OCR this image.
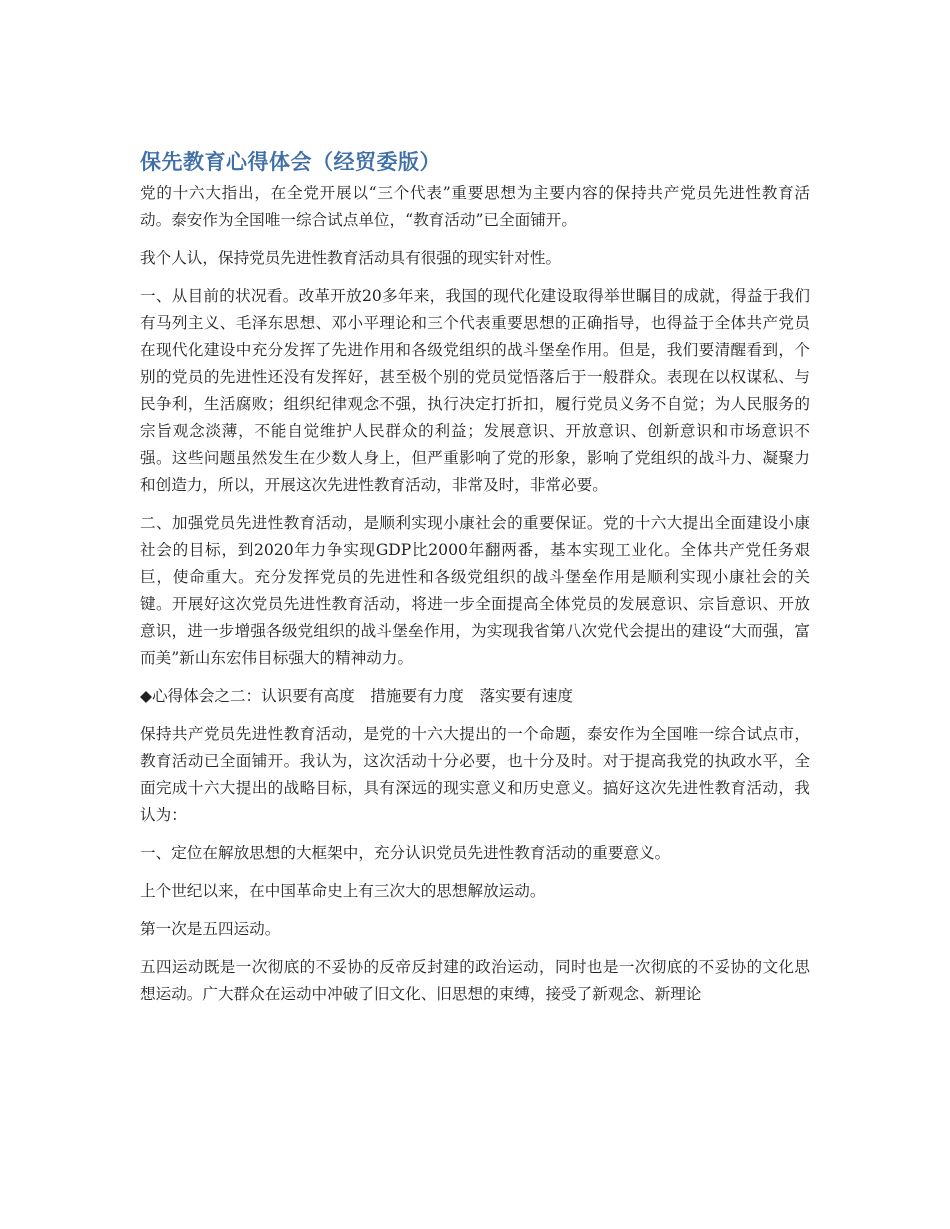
保先教育心得体会（经贸委版）

党的十六大指出，在全党开展以“三个代表”重要思想为主要内容的保持共产党员先进性教育活动。泰安作为全国唯一综合试点单位，“教育活动”已全面铺开。

我个人认，保持党员先进性教育活动具有很强的现实针对性。

一、从目前的状况看。改革开放20多年来，我国的现代化建设取得举世瞩目的成就，得益于我们有马列主义、毛泽东思想、邓小平理论和三个代表重要思想的正确指导，也得益于全体共产党员在现代化建设中充分发挥了先进作用和各级党组织的战斗堡垒作用。但是，我们要清醒看到，个别的党员的先进性还没有发挥好，甚至极个别的党员觉悟落后于一般群众。表现在以权谋私、与民争利，生活腐败；组织纪律观念不强，执行决定打折扣，履行党员义务不自觉；为人民服务的宗旨观念淡薄，不能自觉维护人民群众的利益；发展意识、开放意识、创新意识和市场意识不强。这些问题虽然发生在少数人身上，但严重影响了党的形象，影响了党组织的战斗力、凝聚力和创造力，所以，开展这次先进性教育活动，非常及时，非常必要。

二、加强党员先进性教育活动，是顺利实现小康社会的重要保证。党的十六大提出全面建设小康社会的目标，到2020年力争实现GDP比2000年翻两番，基本实现工业化。全体共产党任务艰巨，使命重大。充分发挥党员的先进性和各级党组织的战斗堡垒作用是顺利实现小康社会的关键。开展好这次党员先进性教育活动，将进一步全面提高全体党员的发展意识、宗旨意识、开放意识，进一步增强各级党组织的战斗堡垒作用，为实现我省第八次党代会提出的建设“大而强，富而美”新山东宏伟目标强大的精神动力。

◆心得体会之二：认识要有高度　措施要有力度　落实要有速度

保持共产党员先进性教育活动，是党的十六大提出的一个命题，泰安作为全国唯一综合试点市，教育活动已全面铺开。我认为，这次活动十分必要，也十分及时。对于提高我党的执政水平，全面完成十六大提出的战略目标，具有深远的现实意义和历史意义。搞好这次先进性教育活动，我认为：

一、定位在解放思想的大框架中，充分认识党员先进性教育活动的重要意义。

上个世纪以来，在中国革命史上有三次大的思想解放运动。

第一次是五四运动。

五四运动既是一次彻底的不妥协的反帝反封建的政治运动，同时也是一次彻底的不妥协的文化思想运动。广大群众在运动中冲破了旧文化、旧思想的束缚，接受了新观念、新理论
